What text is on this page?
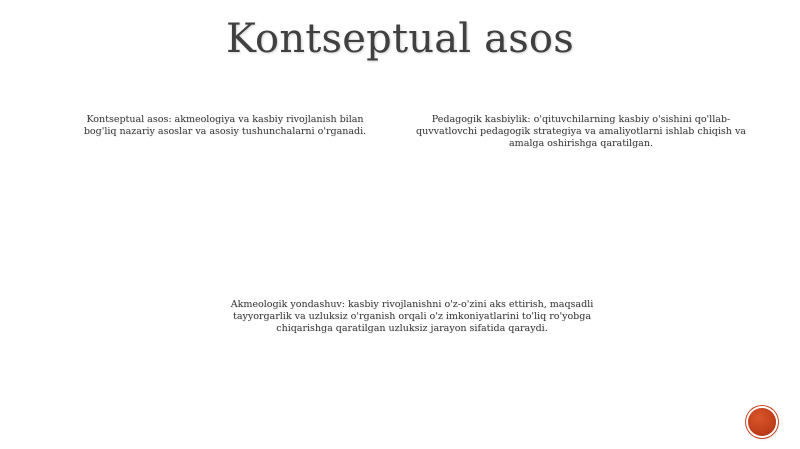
Kontseptual asos
Kontseptual asos: akmeologiya va kasbiy rivojlanish bilan bog'liq nazariy asoslar va asosiy tushunchalarni o'rganadi.
Pedagogik kasbiylik: o'qituvchilarning kasbiy o'sishini qo'llab-quvvatlovchi pedagogik strategiya va amaliyotlarni ishlab chiqish va amalga oshirishga qaratilgan.
Akmeologik yondashuv: kasbiy rivojlanishni o'z-o'zini aks ettirish, maqsadli tayyorgarlik va uzluksiz o'rganish orqali o'z imkoniyatlarini to'liq ro'yobga chiqarishga qaratilgan uzluksiz jarayon sifatida qaraydi.
